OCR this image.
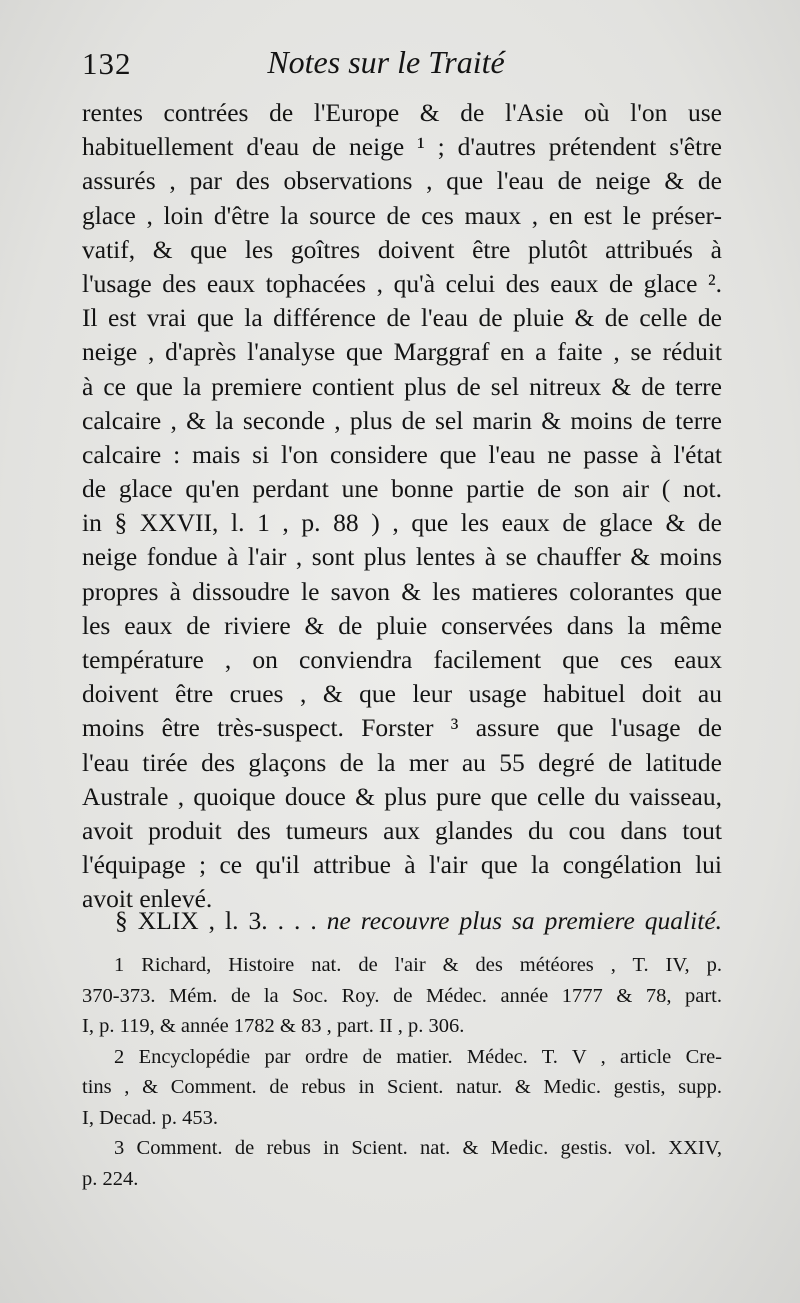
132	Notes sur le Traité
rentes contrées de l'Europe & de l'Asie où l'on use
habituellement d'eau de neige ¹ ; d'autres prétendent s'être
assurés , par des observations , que l'eau de neige & de
glace , loin d'être la source de ces maux , en est le préser-
vatif, & que les goîtres doivent être plutôt attribués à
l'usage des eaux tophacées , qu'à celui des eaux de glace ².
Il est vrai que la différence de l'eau de pluie & de celle de
neige , d'après l'analyse que Marggraf en a faite , se réduit
à ce que la premiere contient plus de sel nitreux & de terre
calcaire , & la seconde , plus de sel marin & moins de terre
calcaire : mais si l'on considere que l'eau ne passe à l'état
de glace qu'en perdant une bonne partie de son air ( not.
in § XXVII, l. 1 , p. 88 ) , que les eaux de glace & de
neige fondue à l'air , sont plus lentes à se chauffer & moins
propres à dissoudre le savon & les matieres colorantes que
les eaux de riviere & de pluie conservées dans la même
température , on conviendra facilement que ces eaux
doivent être crues , & que leur usage habituel doit au
moins être très-suspect. Forster ³ assure que l'usage de
l'eau tirée des glaçons de la mer au 55 degré de latitude
Australe , quoique douce & plus pure que celle du vaisseau,
avoit produit des tumeurs aux glandes du cou dans tout
l'équipage ; ce qu'il attribue à l'air que la congélation lui
avoit enlevé.
§ XLIX , l. 3. . . . ne recouvre plus sa premiere qualité.
1 Richard, Histoire nat. de l'air & des météores , T. IV, p.
370-373. Mém. de la Soc. Roy. de Médec. année 1777 & 78, part.
I, p. 119, & année 1782 & 83 , part. II , p. 306.
2 Encyclopédie par ordre de matier. Médec. T. V , article Cre-
tins , & Comment. de rebus in Scient. natur. & Medic. gestis, supp.
I, Decad. p. 453.
3 Comment. de rebus in Scient. nat. & Medic. gestis. vol. XXIV,
p. 224.
